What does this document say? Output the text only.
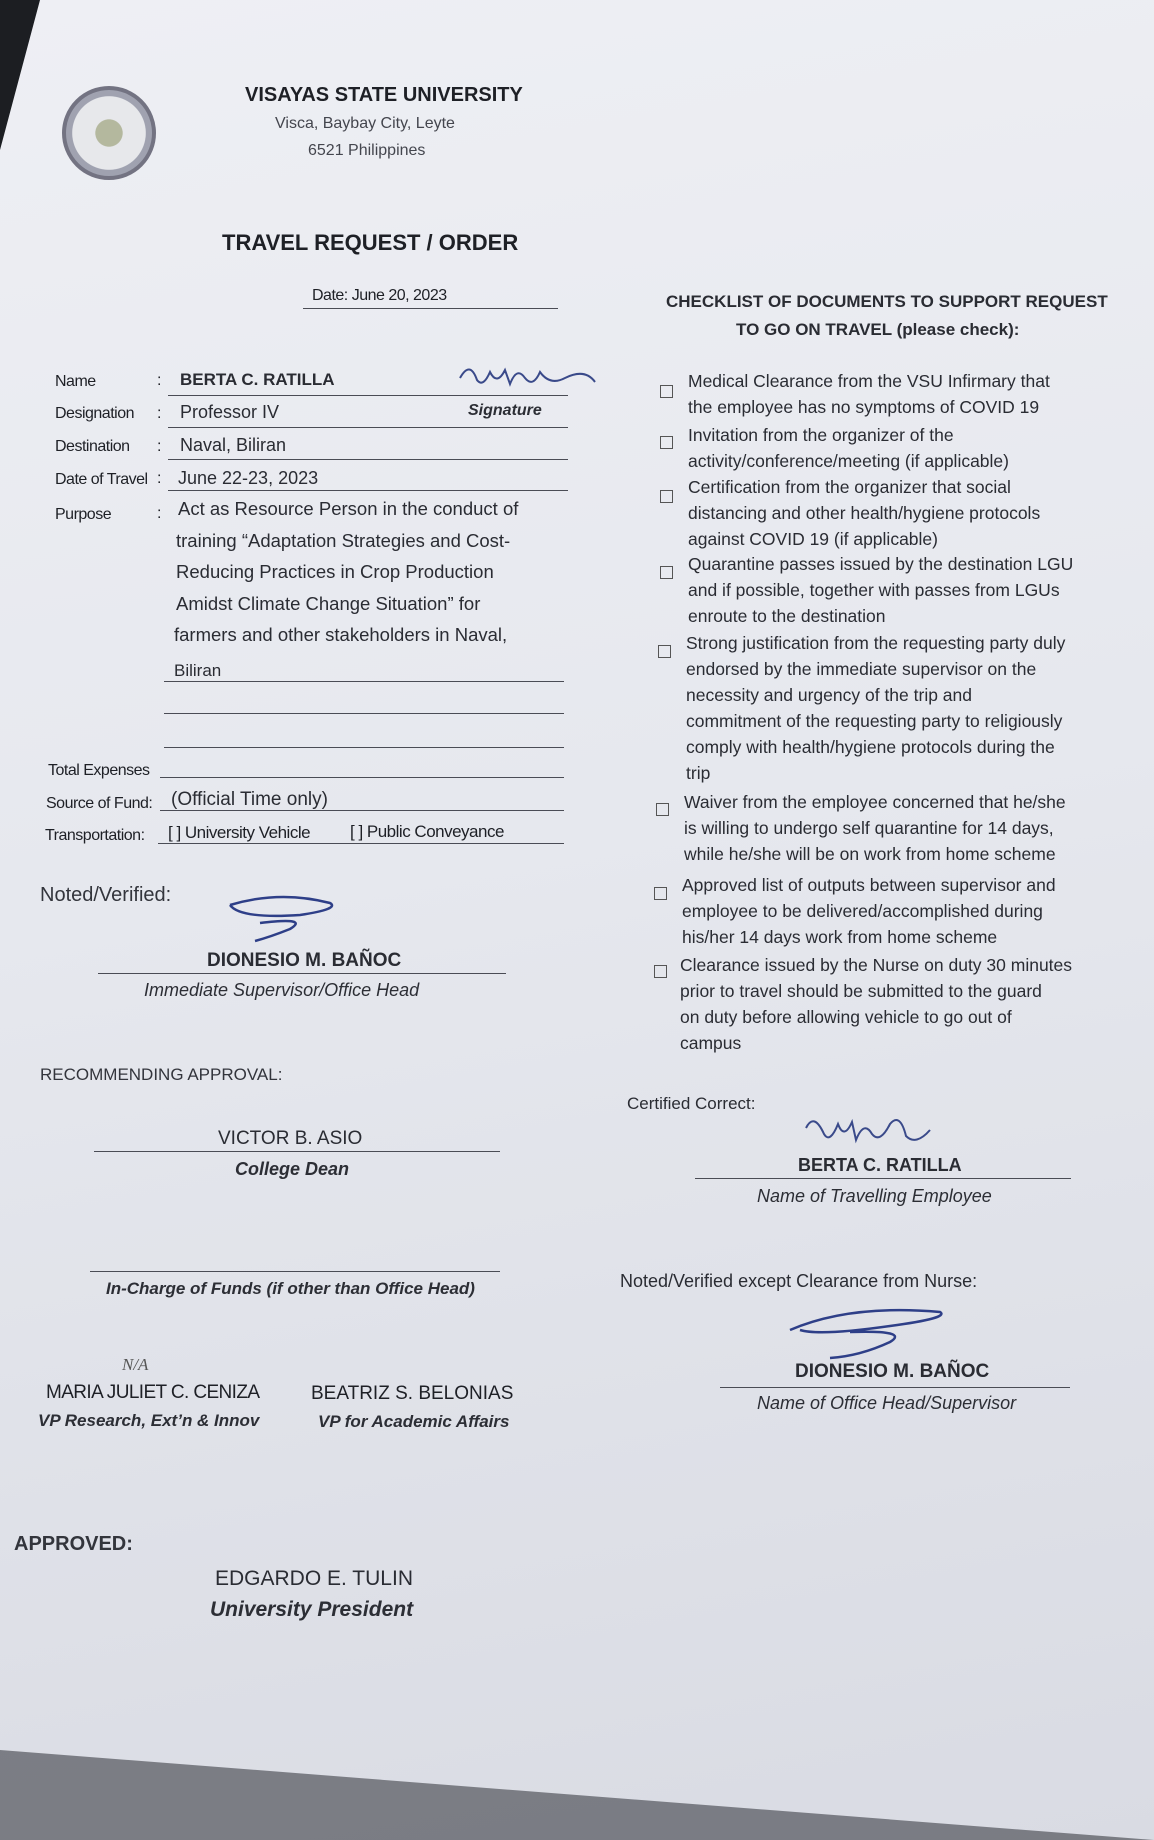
VISAYAS STATE UNIVERSITY
Visca, Baybay City, Leyte
6521 Philippines
TRAVEL REQUEST / ORDER
Date: June 20, 2023
Name	: BERTA C. RATILLA
Designation : Professor IV	Signature
Destination : Naval, Biliran
Date of Travel : June 22-23, 2023
Purpose	: Act as Resource Person in the conduct of
training “Adaptation Strategies and Cost-
Reducing Practices in Crop Production
Amidst Climate Change Situation” for
farmers and other stakeholders in Naval,
Biliran
Total Expenses
Source of Fund: (Official Time only)
Transportation: [ ] University Vehicle [ ] Public Conveyance
CHECKLIST OF DOCUMENTS TO SUPPORT REQUEST
TO GO ON TRAVEL (please check):
Medical Clearance from the VSU Infirmary that
the employee has no symptoms of COVID 19
Invitation from the organizer of the
activity/conference/meeting (if applicable)
Certification from the organizer that social
distancing and other health/hygiene protocols
against COVID 19 (if applicable)
Quarantine passes issued by the destination LGU
and if possible, together with passes from LGUs
enroute to the destination
Strong justification from the requesting party duly
endorsed by the immediate supervisor on the
necessity and urgency of the trip and
commitment of the requesting party to religiously
comply with health/hygiene protocols during the
trip
Waiver from the employee concerned that he/she
is willing to undergo self quarantine for 14 days,
while he/she will be on work from home scheme
Approved list of outputs between supervisor and
employee to be delivered/accomplished during
his/her 14 days work from home scheme
Clearance issued by the Nurse on duty 30 minutes
prior to travel should be submitted to the guard
on duty before allowing vehicle to go out of
campus
Noted/Verified:
DIONESIO M. BAÑOC
Immediate Supervisor/Office Head
RECOMMENDING APPROVAL:
VICTOR B. ASIO
College Dean
In-Charge of Funds (if other than Office Head)
N/A
MARIA JULIET C. CENIZA
VP Research, Ext’n & Innov
BEATRIZ S. BELONIAS
VP for Academic Affairs
Certified Correct:
BERTA C. RATILLA
Name of Travelling Employee
Noted/Verified except Clearance from Nurse:
DIONESIO M. BAÑOC
Name of Office Head/Supervisor
APPROVED:
EDGARDO E. TULIN
University President
